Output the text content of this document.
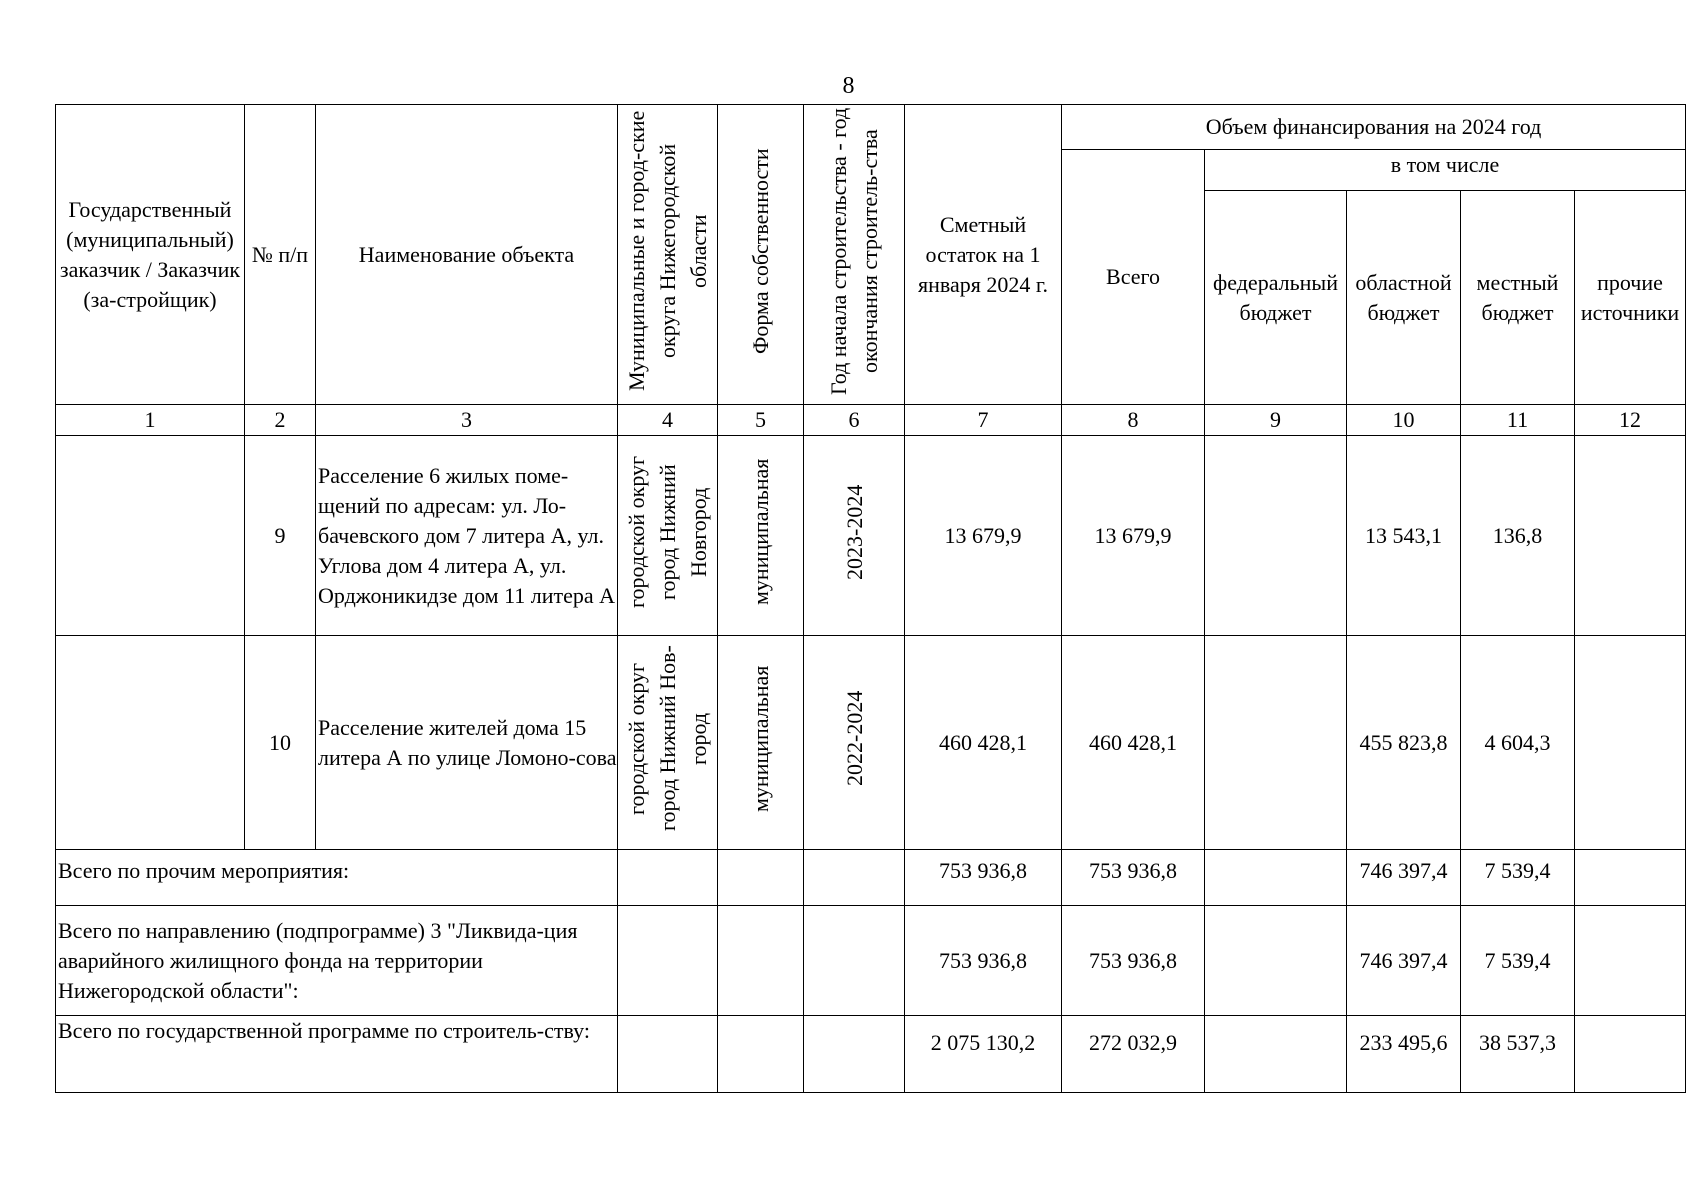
8
Государственный (муниципальный) заказчик / Заказчик (за-стройщик)	№ п/п	Наименование объекта	Муниципальные и город-ские округа Нижегородской области	Форма собственности	Год начала строительства - год окончания строитель-ства	Сметный остаток на 1 января 2024 г.	Объем финансирования на 2024 год				
							Всего	в том числе			
								федеральный бюджет	областной бюджет	местный бюджет	прочие источники
1	2	3	4	5	6	7	8	9	10	11	12
	9	Расселение 6 жилых поме-щений по адресам: ул. Ло-бачевского дом 7 литера А, ул. Углова дом 4 литера А, ул. Орджоникидзе дом 11 литера А	городской округ город Нижний Новгород	муниципальная	2023-2024	13 679,9	13 679,9		13 543,1	136,8	
	10	Расселение жителей дома 15 литера А по улице Ломоно-сова	городской округ город Нижний Нов-город	муниципальная	2022-2024	460 428,1	460 428,1		455 823,8	4 604,3	
Всего по прочим мероприятия:						753 936,8	753 936,8		746 397,4	7 539,4	
Всего по направлению (подпрограмме) 3 "Ликвида-ция аварийного жилищного фонда на территории Нижегородской области":						753 936,8	753 936,8		746 397,4	7 539,4	
Всего по государственной программе по строитель-ству:						2 075 130,2	272 032,9		233 495,6	38 537,3	
